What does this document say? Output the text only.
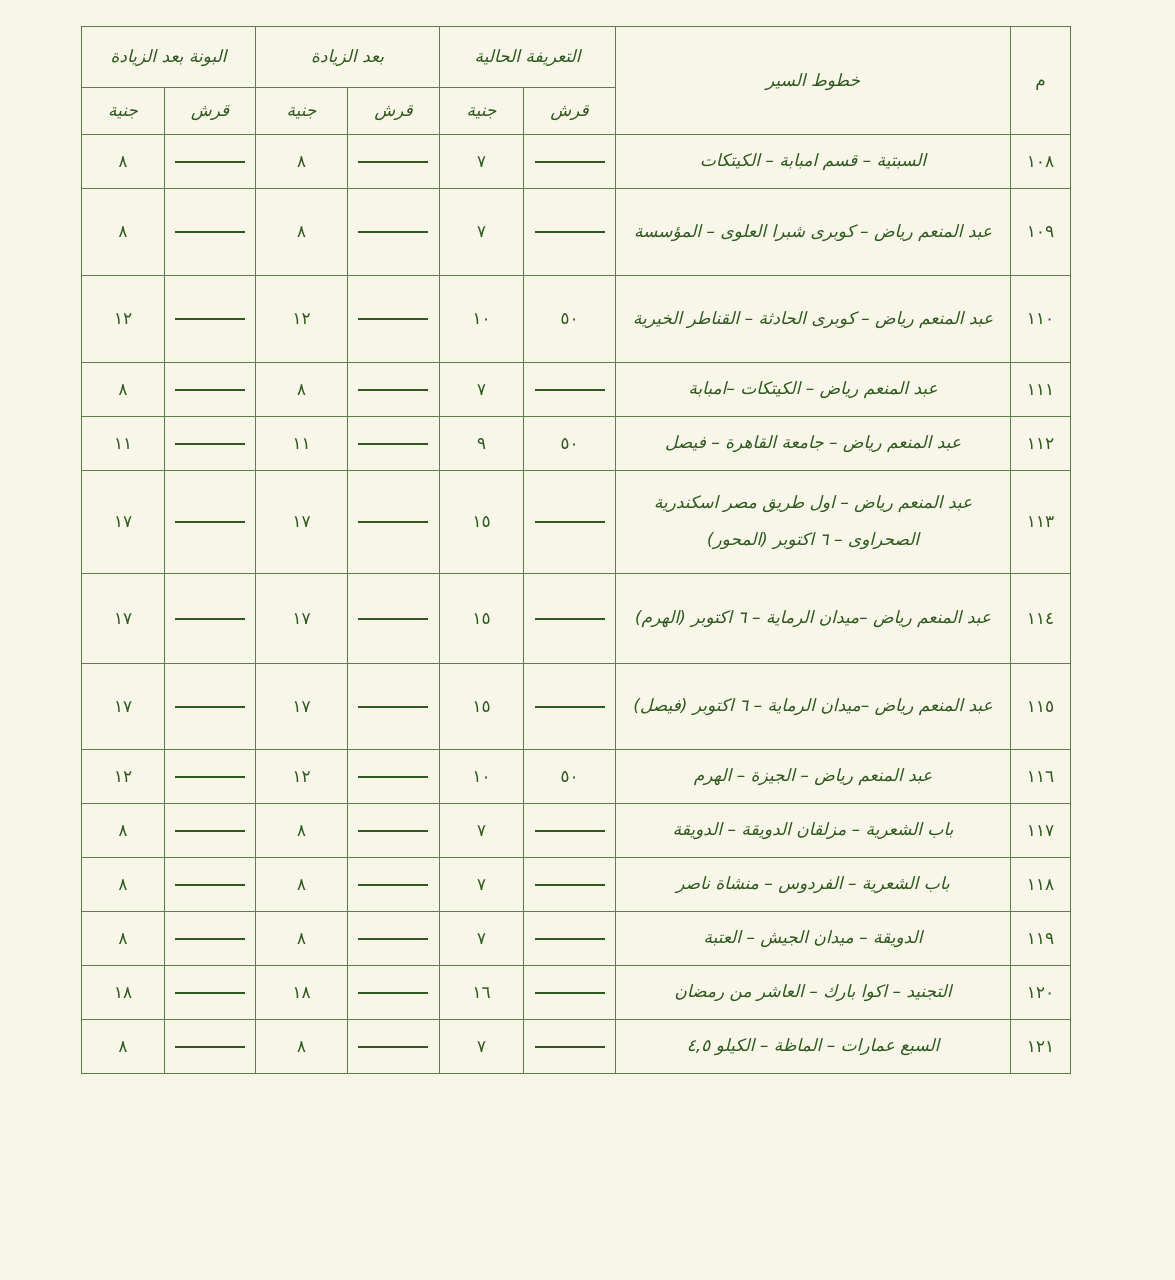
م	خطوط السير	التعريفة الحالية		بعد الزيادة		البونة بعد الزيادة	
		قرش	جنية	قرش	جنية	قرش	جنية
١٠٨	السبتية – قسم امبابة – الكيتكات		٧		٨		٨
١٠٩	عبد المنعم رياض – كوبرى شبرا العلوى – المؤسسة		٧		٨		٨
١١٠	عبد المنعم رياض – كوبرى الحادثة – القناطر الخيرية	٥٠	١٠		١٢		١٢
١١١	عبد المنعم رياض – الكيتكات –امبابة		٧		٨		٨
١١٢	عبد المنعم رياض – جامعة القاهرة – فيصل	٥٠	٩		١١		١١
١١٣	عبد المنعم رياض – اول طريق مصر اسكندرية الصحراوى – ٦ اكتوبر (المحور)		١٥		١٧		١٧
١١٤	عبد المنعم رياض –ميدان الرماية – ٦ اكتوبر (الهرم)		١٥		١٧		١٧
١١٥	عبد المنعم رياض –ميدان الرماية – ٦ اكتوبر (فيصل)		١٥		١٧		١٧
١١٦	عبد المنعم رياض – الجيزة – الهرم	٥٠	١٠		١٢		١٢
١١٧	باب الشعرية – مزلقان الدويقة – الدويقة		٧		٨		٨
١١٨	باب الشعرية – الفردوس – منشاة ناصر		٧		٨		٨
١١٩	الدويقة – ميدان الجيش – العتبة		٧		٨		٨
١٢٠	التجنيد – اكوا بارك – العاشر من رمضان		١٦		١٨		١٨
١٢١	السبع عمارات – الماظة – الكيلو ٤,٥		٧		٨		٨
